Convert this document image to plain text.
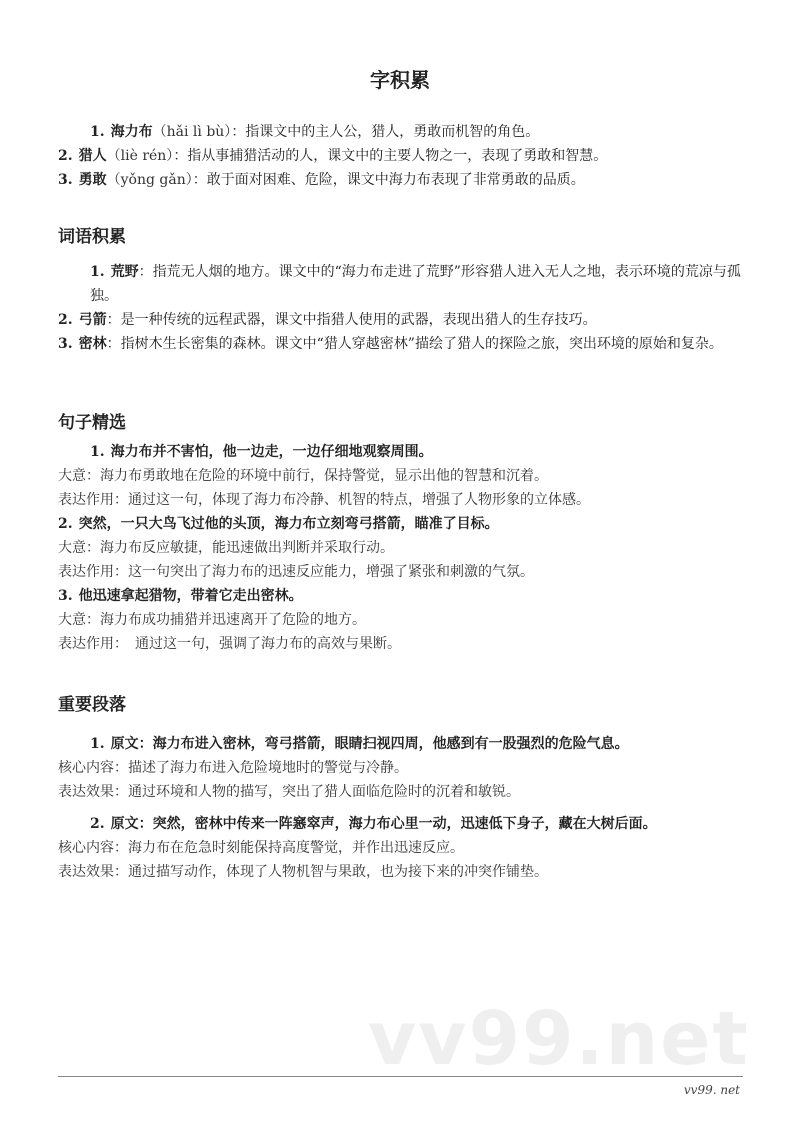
字积累

1. 海力布（hǎi lì bù）：指课文中的主人公，猎人，勇敢而机智的角色。

2. 猎人（liè rén）：指从事捕猎活动的人，课文中的主要人物之一，表现了勇敢和智慧。

3. 勇敢（yǒng gǎn）：敢于面对困难、危险，课文中海力布表现了非常勇敢的品质。

词语积累

1. 荒野：指荒无人烟的地方。课文中的“海力布走进了荒野”形容猎人进入无人之地，表示环境的荒凉与孤独。

2. 弓箭：是一种传统的远程武器，课文中指猎人使用的武器，表现出猎人的生存技巧。

3. 密林：指树木生长密集的森林。课文中“猎人穿越密林”描绘了猎人的探险之旅，突出环境的原始和复杂。

句子精选

1. 海力布并不害怕，他一边走，一边仔细地观察周围。

大意：海力布勇敢地在危险的环境中前行，保持警觉，显示出他的智慧和沉着。

表达作用：通过这一句，体现了海力布冷静、机智的特点，增强了人物形象的立体感。

2. 突然，一只大鸟飞过他的头顶，海力布立刻弯弓搭箭，瞄准了目标。

大意：海力布反应敏捷，能迅速做出判断并采取行动。

表达作用：这一句突出了海力布的迅速反应能力，增强了紧张和刺激的气氛。

3. 他迅速拿起猎物，带着它走出密林。

大意：海力布成功捕猎并迅速离开了危险的地方。

表达作用：　通过这一句，强调了海力布的高效与果断。

重要段落

1. 原文：海力布进入密林，弯弓搭箭，眼睛扫视四周，他感到有一股强烈的危险气息。

核心内容：描述了海力布进入危险境地时的警觉与冷静。

表达效果：通过环境和人物的描写，突出了猎人面临危险时的沉着和敏锐。

2. 原文：突然，密林中传来一阵窸窣声，海力布心里一动，迅速低下身子，藏在大树后面。

核心内容：海力布在危急时刻能保持高度警觉，并作出迅速反应。

表达效果：通过描写动作，体现了人物机智与果敢，也为接下来的冲突作铺垫。

vv99.net
vv99. net
